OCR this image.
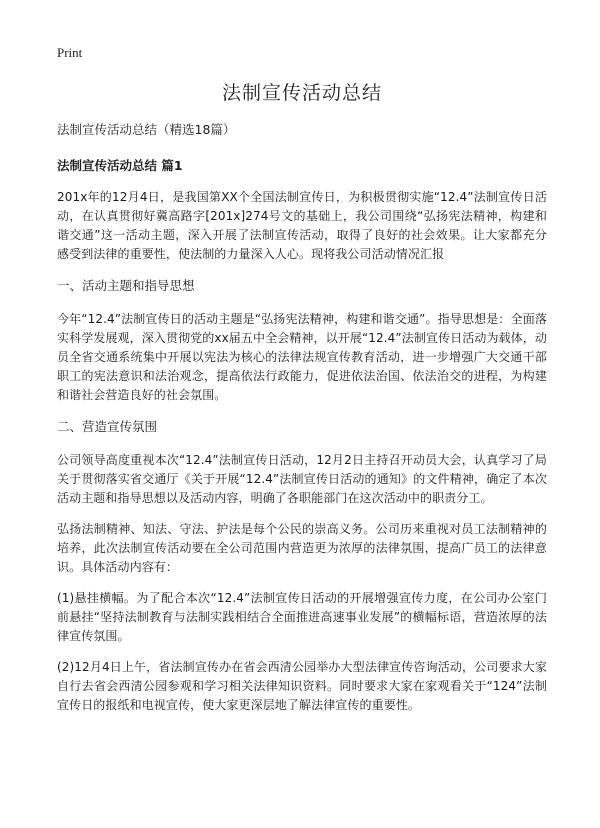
Print
法制宣传活动总结

法制宣传活动总结（精选18篇）

法制宣传活动总结 篇1

201x年的12月4日，是我国第XX个全国法制宣传日，为积极贯彻实施“12.4”法制宣传日活动，在认真贯彻好冀高路字[201x]274号文的基础上，我公司围绕“弘扬宪法精神，构建和谐交通”这一活动主题，深入开展了法制宣传活动，取得了良好的社会效果。让大家都充分感受到法律的重要性，使法制的力量深入人心。现将我公司活动情况汇报

一、活动主题和指导思想

今年“12.4”法制宣传日的活动主题是“弘扬宪法精神，构建和谐交通”。指导思想是：全面落实科学发展观，深入贯彻党的xx届五中全会精神，以开展“12.4”法制宣传日活动为载体，动员全省交通系统集中开展以宪法为核心的法律法规宣传教育活动，进一步增强广大交通干部职工的宪法意识和法治观念，提高依法行政能力，促进依法治国、依法治交的进程，为构建和谐社会营造良好的社会氛围。

二、营造宣传氛围

公司领导高度重视本次“12.4”法制宣传日活动，12月2日主持召开动员大会，认真学习了局关于贯彻落实省交通厅《关于开展“12.4”法制宣传日活动的通知》的文件精神，确定了本次活动主题和指导思想以及活动内容，明确了各职能部门在这次活动中的职责分工。

弘扬法制精神、知法、守法、护法是每个公民的崇高义务。公司历来重视对员工法制精神的培养，此次法制宣传活动要在全公司范围内营造更为浓厚的法律氛围，提高广员工的法律意识。具体活动内容有：

(1)悬挂横幅。为了配合本次“12.4”法制宣传日活动的开展增强宣传力度，在公司办公室门前悬挂“坚持法制教育与法制实践相结合全面推进高速事业发展”的横幅标语，营造浓厚的法律宣传氛围。

(2)12月4日上午，省法制宣传办在省会西清公园举办大型法律宣传咨询活动，公司要求大家自行去省会西清公园参观和学习相关法律知识资料。同时要求大家在家观看关于“124”法制宣传日的报纸和电视宣传，使大家更深层地了解法律宣传的重要性。
